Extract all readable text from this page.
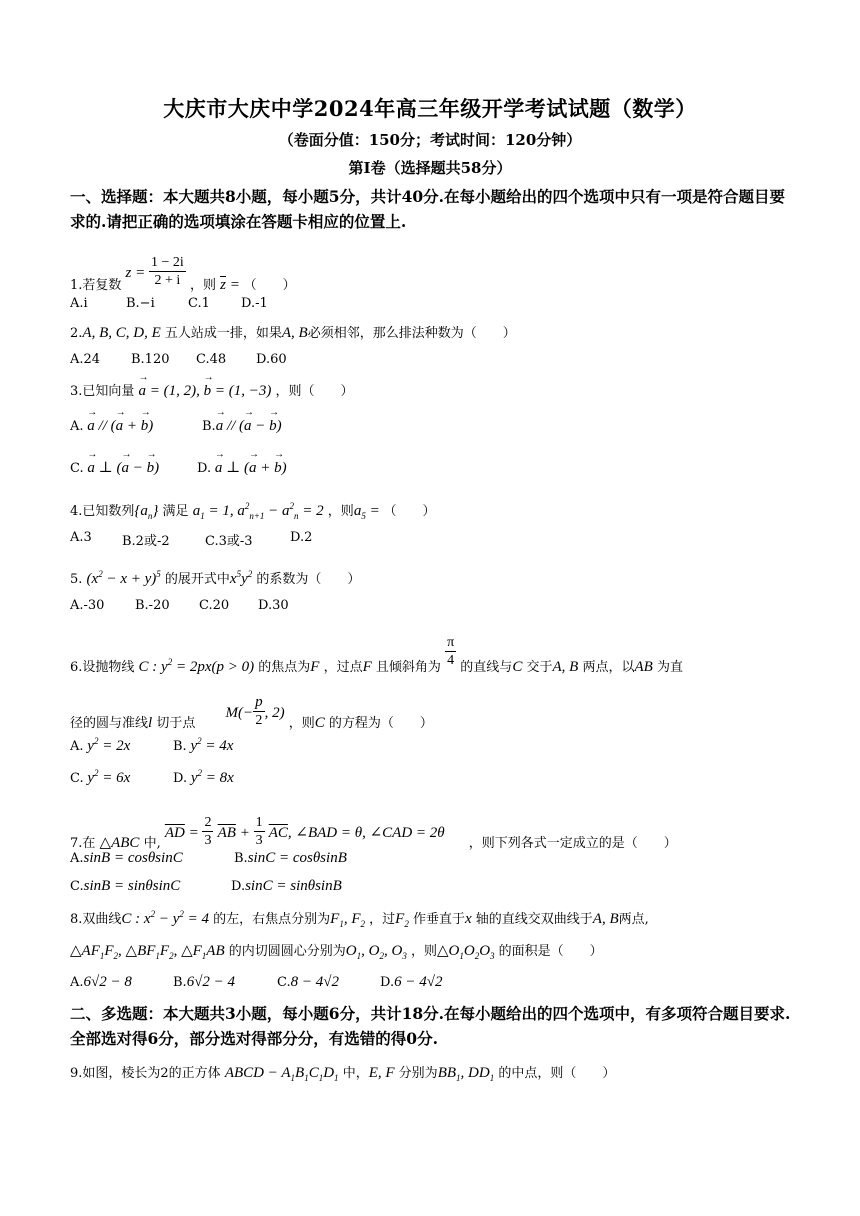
大庆市大庆中学2024年高三年级开学考试试题（数学）
（卷面分值：150分；考试时间：120分钟）
第I卷（选择题共58分）
一、选择题：本大题共8小题，每小题5分，共计40分.在每小题给出的四个选项中只有一项是符合题目要求的.请把正确的选项填涂在答题卡相应的位置上.
1.若复数 $z = \frac{1 - 2i}{2 + i}$ ，则 $\overline{z}$ = （　　）
A.i	B.−i	C.1 D.-1
2.A, B, C, D, E 五人站成一排，如果A, B必须相邻，那么排法种数为（　　）
A.24 B.120 C.48 D.60
3.已知向量 → a = (1, 2), → b = (1, −3) ，则（　　）
A. → a // (→ a + → b)	B.→ a // (→ a − → b)
C. → a ⊥ (→ a − → b)	D. → a ⊥ (→ a + → b)
4.已知数列$\{a_n\}$ 满足 $a_1 = 1$, $a^2_{n+1} - a^2_n = 2$ ，则$a_5$ = （　　）
A.3 B.2或-2	C.3或-3	D.2
5. $(x^2 - x + y)^5$ 的展开式中$x^5y^2$ 的系数为（　　）
A.-30 B.-20 C.20 D.30
6.设抛物线 C : $y^2 = 2px(p > 0)$ 的焦点为F ，过点F 且倾斜角为 $\frac{\pi}{4}$ 的直线与C 交于A, B 两点，以AB 为直
径的圆与准线l 切于点 $M(- \frac{p}{2}$ , 2) ，则C 的方程为（　　）
A. $y^2 = 2x$	B. $y^2 = 4x$
C. $y^2 = 6x$	D. $y^2 = 8x$
7.在 △ABC 中, $\overline{AD} = \frac{2}{3} \overline{AB} + \frac{1}{3} \overline{AC}$, ∠BAD = θ, ∠CAD = 2θ ，则下列各式一定成立的是（　　）
A.sinB = cosθsinC	B.sinC = cosθsinB
C.sinB = sinθsinC	D.sinC = sinθsinB
8.双曲线C : $x^2 - y^2 = 4$ 的左，右焦点分别为$F_1$, $F_2$ ，过$F_2$ 作垂直于x 轴的直线交双曲线于A, B两点,
$\triangle AF_1F_2$, $\triangle BF_1F_2$, $\triangle F_1AB$ 的内切圆圆心分别为$O_1$, $O_2$, $O_3$ ，则$\triangle O_1O_2O_3$ 的面积是（　　）
A.6√2 − 8	B.6√2 − 4	C.8 − 4√2	D.6 − 4√2
二、多选题：本大题共3小题，每小题6分，共计18分.在每小题给出的四个选项中，有多项符合题目要求.全部选对得6分，部分选对得部分分，有选错的得0分.
9.如图，棱长为2的正方体 ABCD − $A_1B_1C_1D_1$ 中，E, F 分别为$BB_1$, $DD_1$ 的中点，则（　　）
